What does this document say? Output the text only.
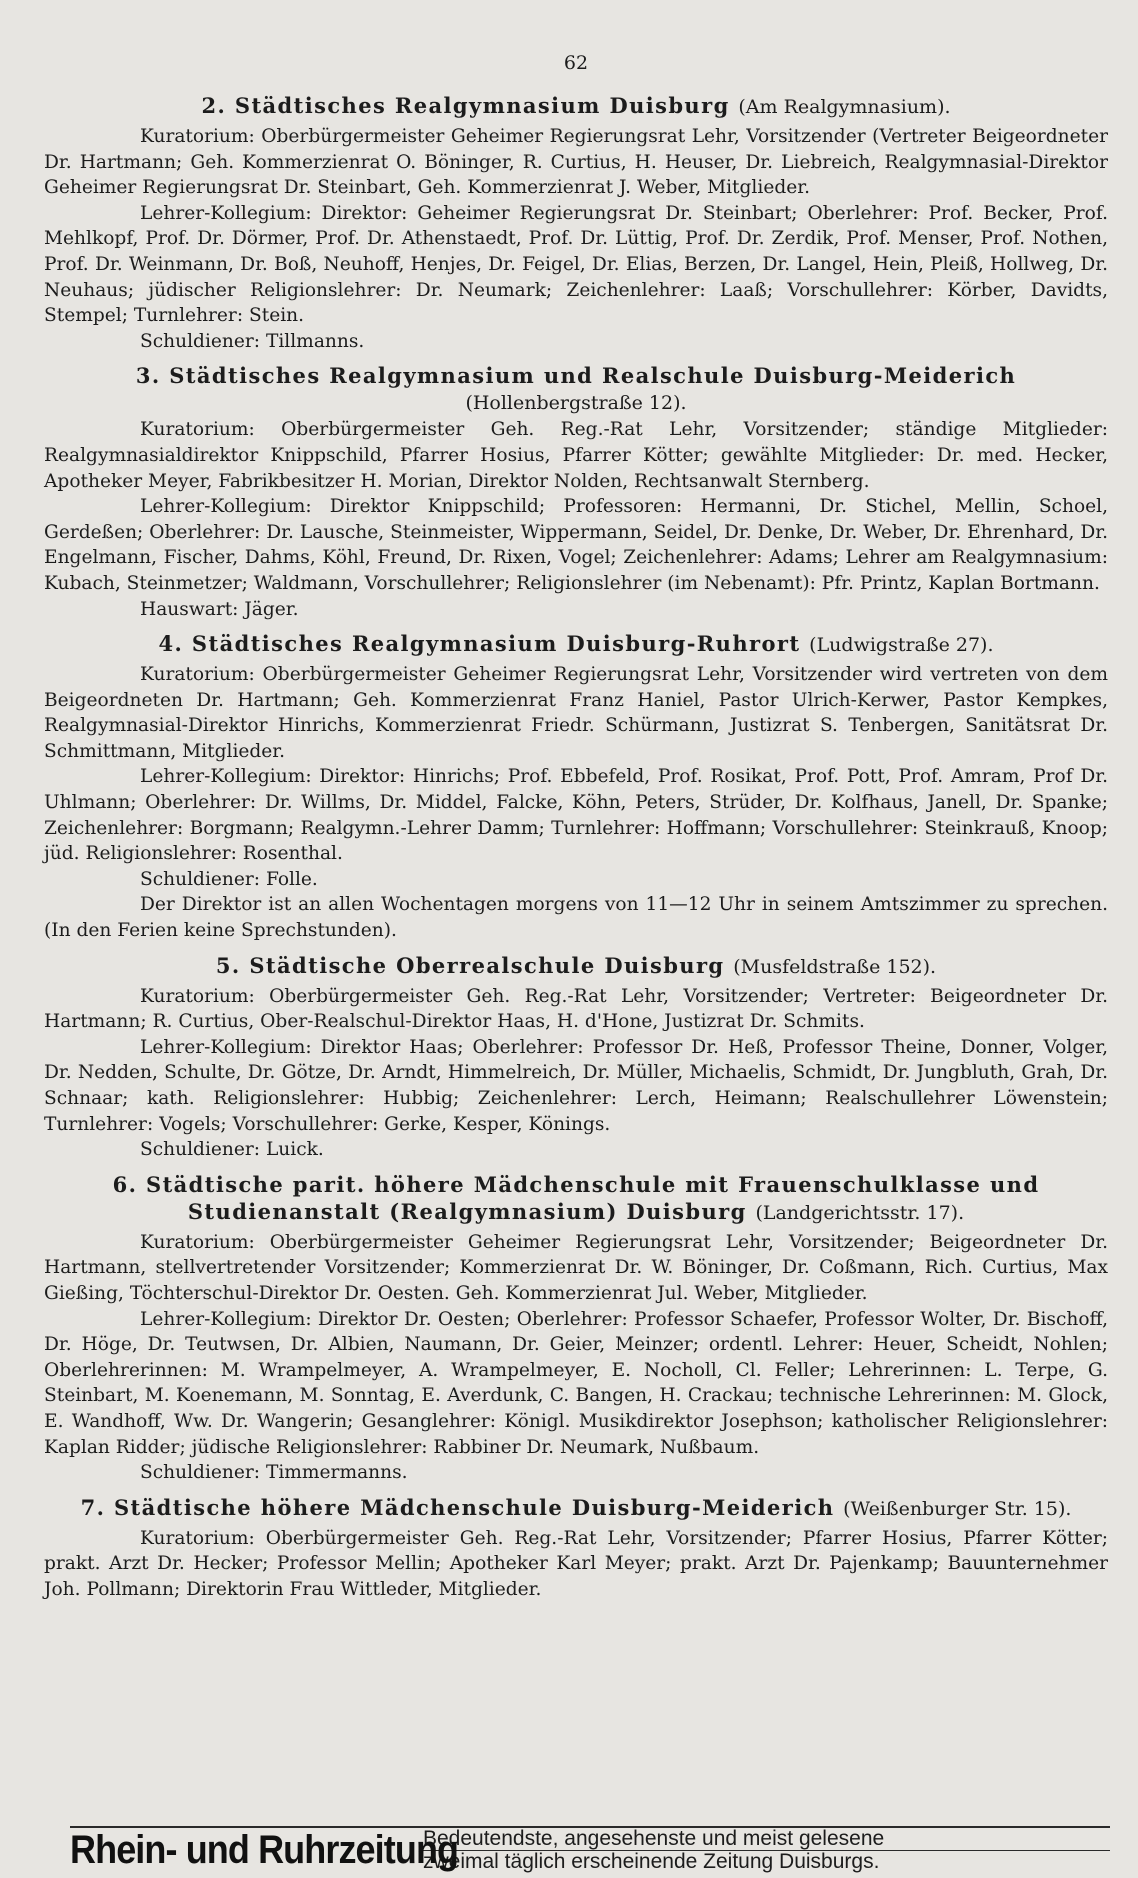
62
2. Städtisches Realgymnasium Duisburg (Am Realgymnasium).

Kuratorium: Oberbürgermeister Geheimer Regierungsrat Lehr, Vorsitzender (Vertreter Beigeordneter Dr. Hartmann; Geh. Kommerzienrat O. Böninger, R. Curtius, H. Heuser, Dr. Liebreich, Realgymnasial-Direktor Geheimer Regierungsrat Dr. Steinbart, Geh. Kommerzienrat J. Weber, Mitglieder.

Lehrer-Kollegium: Direktor: Geheimer Regierungsrat Dr. Steinbart; Oberlehrer: Prof. Becker, Prof. Mehlkopf, Prof. Dr. Dörmer, Prof. Dr. Athenstaedt, Prof. Dr. Lüttig, Prof. Dr. Zerdik, Prof. Menser, Prof. Nothen, Prof. Dr. Weinmann, Dr. Boß, Neuhoff, Henjes, Dr. Feigel, Dr. Elias, Berzen, Dr. Langel, Hein, Pleiß, Hollweg, Dr. Neuhaus; jüdischer Religionslehrer: Dr. Neumark; Zeichenlehrer: Laaß; Vorschullehrer: Körber, Davidts, Stempel; Turnlehrer: Stein.

Schuldiener: Tillmanns.

3. Städtisches Realgymnasium und Realschule Duisburg-Meiderich
(Hollenbergstraße 12).

Kuratorium: Oberbürgermeister Geh. Reg.-Rat Lehr, Vorsitzender; ständige Mitglieder: Realgymnasialdirektor Knippschild, Pfarrer Hosius, Pfarrer Kötter; gewählte Mitglieder: Dr. med. Hecker, Apotheker Meyer, Fabrikbesitzer H. Morian, Direktor Nolden, Rechtsanwalt Sternberg.

Lehrer-Kollegium: Direktor Knippschild; Professoren: Hermanni, Dr. Stichel, Mellin, Schoel, Gerdeßen; Oberlehrer: Dr. Lausche, Steinmeister, Wippermann, Seidel, Dr. Denke, Dr. Weber, Dr. Ehrenhard, Dr. Engelmann, Fischer, Dahms, Köhl, Freund, Dr. Rixen, Vogel; Zeichenlehrer: Adams; Lehrer am Realgymnasium: Kubach, Steinmetzer; Waldmann, Vorschullehrer; Religionslehrer (im Nebenamt): Pfr. Printz, Kaplan Bortmann.

Hauswart: Jäger.

4. Städtisches Realgymnasium Duisburg-Ruhrort (Ludwigstraße 27).

Kuratorium: Oberbürgermeister Geheimer Regierungsrat Lehr, Vorsitzender wird vertreten von dem Beigeordneten Dr. Hartmann; Geh. Kommerzienrat Franz Haniel, Pastor Ulrich-Kerwer, Pastor Kempkes, Realgymnasial-Direktor Hinrichs, Kommerzienrat Friedr. Schürmann, Justizrat S. Tenbergen, Sanitätsrat Dr. Schmittmann, Mitglieder.

Lehrer-Kollegium: Direktor: Hinrichs; Prof. Ebbefeld, Prof. Rosikat, Prof. Pott, Prof. Amram, Prof Dr. Uhlmann; Oberlehrer: Dr. Willms, Dr. Middel, Falcke, Köhn, Peters, Strüder, Dr. Kolfhaus, Janell, Dr. Spanke; Zeichenlehrer: Borgmann; Realgymn.-Lehrer Damm; Turnlehrer: Hoffmann; Vorschullehrer: Steinkrauß, Knoop; jüd. Religionslehrer: Rosenthal.

Schuldiener: Folle.

Der Direktor ist an allen Wochentagen morgens von 11—12 Uhr in seinem Amtszimmer zu sprechen. (In den Ferien keine Sprechstunden).

5. Städtische Oberrealschule Duisburg (Musfeldstraße 152).

Kuratorium: Oberbürgermeister Geh. Reg.-Rat Lehr, Vorsitzender; Vertreter: Beigeordneter Dr. Hartmann; R. Curtius, Ober-Realschul-Direktor Haas, H. d'Hone, Justizrat Dr. Schmits.

Lehrer-Kollegium: Direktor Haas; Oberlehrer: Professor Dr. Heß, Professor Theine, Donner, Volger, Dr. Nedden, Schulte, Dr. Götze, Dr. Arndt, Himmelreich, Dr. Müller, Michaelis, Schmidt, Dr. Jungbluth, Grah, Dr. Schnaar; kath. Religionslehrer: Hubbig; Zeichenlehrer: Lerch, Heimann; Realschullehrer Löwenstein; Turnlehrer: Vogels; Vorschullehrer: Gerke, Kesper, Könings.

Schuldiener: Luick.

6. Städtische parit. höhere Mädchenschule mit Frauenschulklasse und Studienanstalt (Realgymnasium) Duisburg (Landgerichtsstr. 17).

Kuratorium: Oberbürgermeister Geheimer Regierungsrat Lehr, Vorsitzender; Beigeordneter Dr. Hartmann, stellvertretender Vorsitzender; Kommerzienrat Dr. W. Böninger, Dr. Coßmann, Rich. Curtius, Max Gießing, Töchterschul-Direktor Dr. Oesten. Geh. Kommerzienrat Jul. Weber, Mitglieder.

Lehrer-Kollegium: Direktor Dr. Oesten; Oberlehrer: Professor Schaefer, Professor Wolter, Dr. Bischoff, Dr. Höge, Dr. Teutwsen, Dr. Albien, Naumann, Dr. Geier, Meinzer; ordentl. Lehrer: Heuer, Scheidt, Nohlen; Oberlehrerinnen: M. Wrampelmeyer, A. Wrampelmeyer, E. Nocholl, Cl. Feller; Lehrerinnen: L. Terpe, G. Steinbart, M. Koenemann, M. Sonntag, E. Averdunk, C. Bangen, H. Crackau; technische Lehrerinnen: M. Glock, E. Wandhoff, Ww. Dr. Wangerin; Gesanglehrer: Königl. Musikdirektor Josephson; katholischer Religionslehrer: Kaplan Ridder; jüdische Religionslehrer: Rabbiner Dr. Neumark, Nußbaum.

Schuldiener: Timmermanns.

7. Städtische höhere Mädchenschule Duisburg-Meiderich (Weißenburger Str. 15).

Kuratorium: Oberbürgermeister Geh. Reg.-Rat Lehr, Vorsitzender; Pfarrer Hosius, Pfarrer Kötter; prakt. Arzt Dr. Hecker; Professor Mellin; Apotheker Karl Meyer; prakt. Arzt Dr. Pajenkamp; Bauunternehmer Joh. Pollmann; Direktorin Frau Wittleder, Mitglieder.

Rhein- und Ruhrzeitung
Bedeutendste, angesehenste und meist gelesene
zweimal täglich erscheinende Zeitung Duisburgs.
